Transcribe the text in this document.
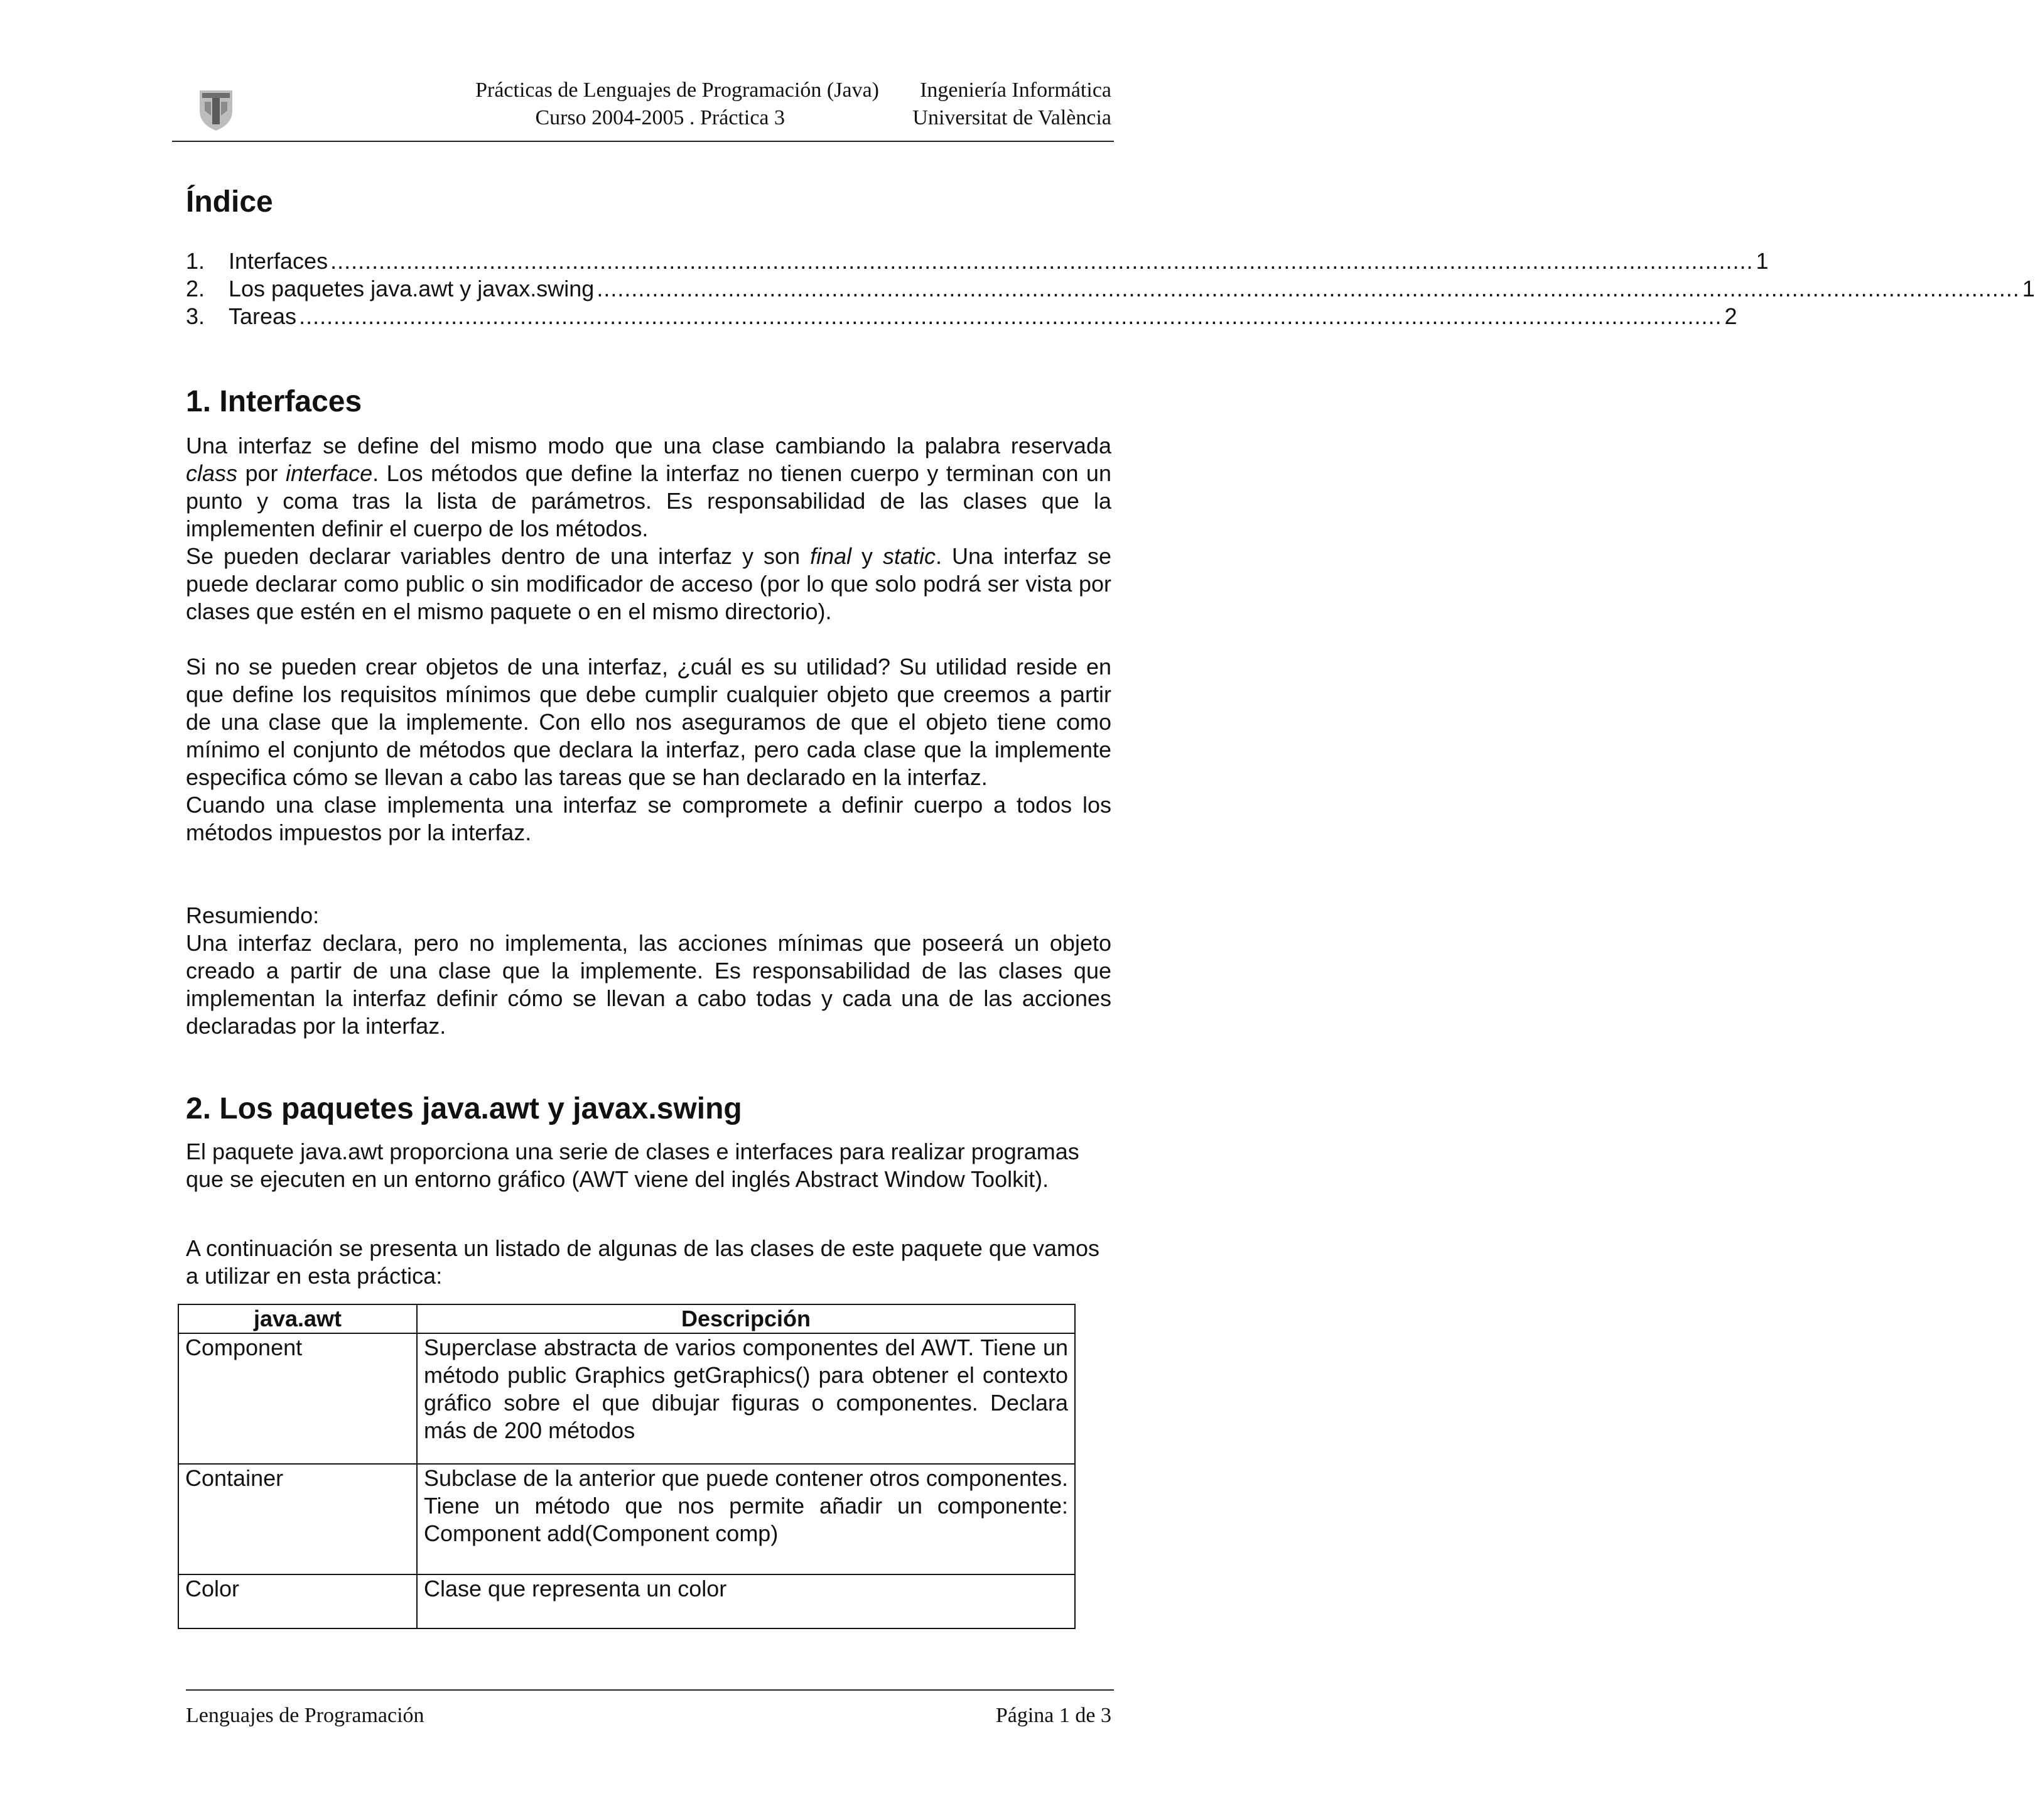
Prácticas de Lenguajes de Programación (Java)
Curso 2004-2005 . Práctica 3
Ingeniería Informática
Universitat de València
Índice
1.	Interfaces .............................................................................................................................................................................................................. 1
2.	Los paquetes java.awt y javax.swing .............................................................................................................................................................................................................. 1
3.	Tareas .............................................................................................................................................................................................................. 2
1. Interfaces

Una interfaz se define del mismo modo que una clase cambiando la palabra reservada class por interface. Los métodos que define la interfaz no tienen cuerpo y terminan con un punto y coma tras la lista de parámetros. Es responsabilidad de las clases que la implementen definir el cuerpo de los métodos.

Se pueden declarar variables dentro de una interfaz y son final y static. Una interfaz se puede declarar como public o sin modificador de acceso (por lo que solo podrá ser vista por clases que estén en el mismo paquete o en el mismo directorio).

Si no se pueden crear objetos de una interfaz, ¿cuál es su utilidad? Su utilidad reside en que define los requisitos mínimos que debe cumplir cualquier objeto que creemos a partir de una clase que la implemente. Con ello nos aseguramos de que el objeto tiene como mínimo el conjunto de métodos que declara la interfaz, pero cada clase que la implemente especifica cómo se llevan a cabo las tareas que se han declarado en la interfaz.

Cuando una clase implementa una interfaz se compromete a definir cuerpo a todos los métodos impuestos por la interfaz.

Resumiendo:

Una interfaz declara, pero no implementa, las acciones mínimas que poseerá un objeto creado a partir de una clase que la implemente. Es responsabilidad de las clases que implementan la interfaz definir cómo se llevan a cabo todas y cada una de las acciones declaradas por la interfaz.

2. Los paquetes java.awt y javax.swing
El paquete java.awt proporciona una serie de clases e interfaces para realizar programas que se ejecuten en un entorno gráfico (AWT viene del inglés Abstract Window Toolkit).
A continuación se presenta un listado de algunas de las clases de este paquete que vamos a utilizar en esta práctica:
java.awt	Descripción
Component	Superclase abstracta de varios componentes del AWT. Tiene un método public Graphics getGraphics() para obtener el contexto gráfico sobre el que dibujar figuras o componentes. Declara más de 200 métodos
Container	Subclase de la anterior que puede contener otros componentes. Tiene un método que nos permite añadir un componente: Component add(Component comp)
Color	Clase que representa un color
Lenguajes de Programación	Página 1 de 3
